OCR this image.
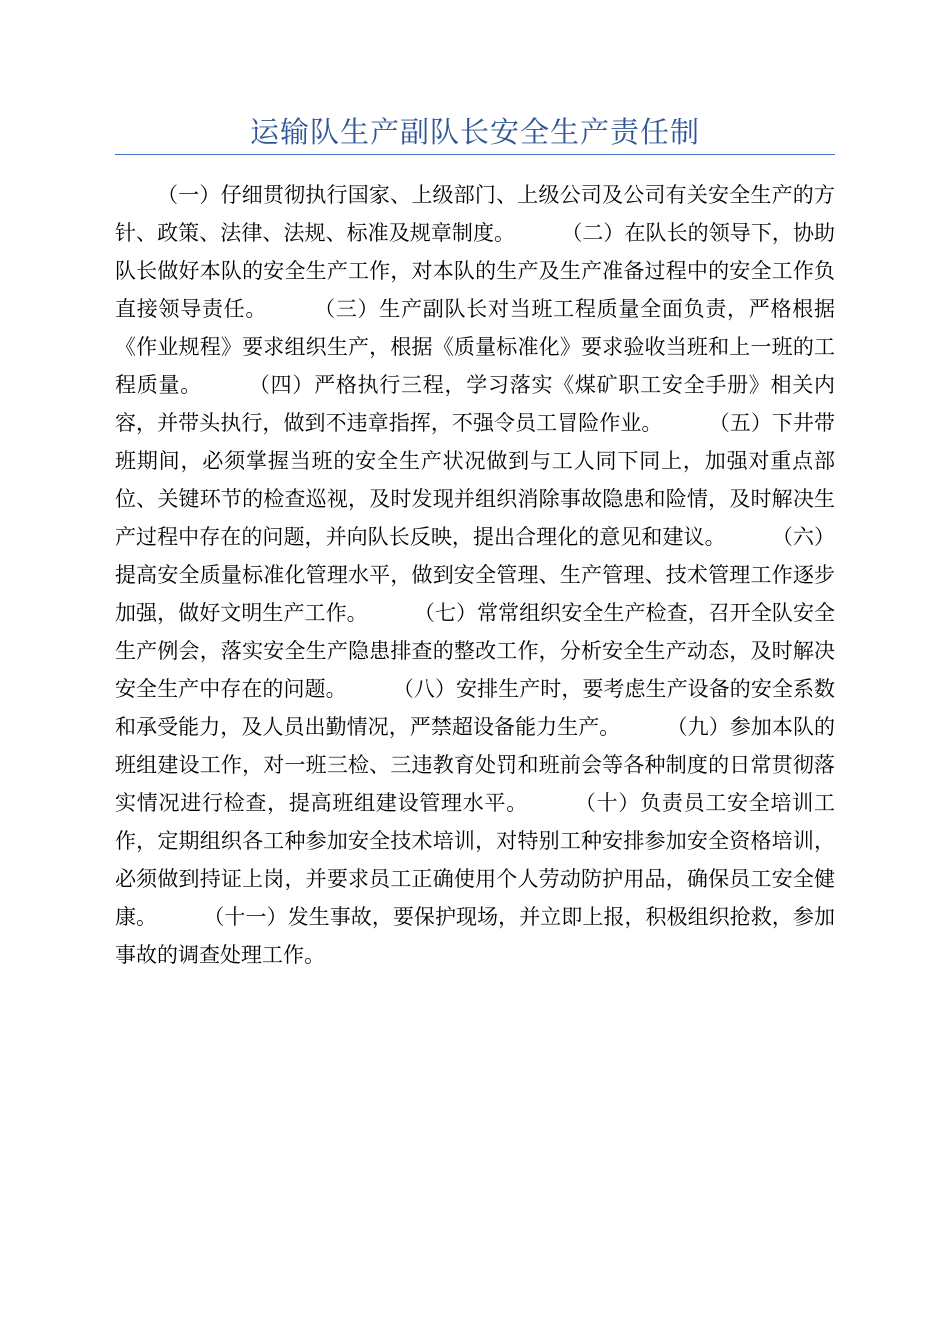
运输队生产副队长安全生产责任制

（一）仔细贯彻执行国家、上级部门、上级公司及公司有关安全生产的方针、政策、法律、法规、标准及规章制度。 （二）在队长的领导下，协助队长做好本队的安全生产工作，对本队的生产及生产准备过程中的安全工作负直接领导责任。 （三）生产副队长对当班工程质量全面负责，严格根据《作业规程》要求组织生产，根据《质量标准化》要求验收当班和上一班的工程质量。 （四）严格执行三程，学习落实《煤矿职工安全手册》相关内容，并带头执行，做到不违章指挥，不强令员工冒险作业。 （五）下井带班期间，必须掌握当班的安全生产状况做到与工人同下同上，加强对重点部位、关键环节的检查巡视，及时发现并组织消除事故隐患和险情，及时解决生产过程中存在的问题，并向队长反映，提出合理化的意见和建议。 （六）提高安全质量标准化管理水平，做到安全管理、生产管理、技术管理工作逐步加强，做好文明生产工作。 （七）常常组织安全生产检查，召开全队安全生产例会，落实安全生产隐患排查的整改工作，分析安全生产动态，及时解决安全生产中存在的问题。 （八）安排生产时，要考虑生产设备的安全系数和承受能力，及人员出勤情况，严禁超设备能力生产。 （九）参加本队的班组建设工作，对一班三检、三违教育处罚和班前会等各种制度的日常贯彻落实情况进行检查，提高班组建设管理水平。 （十）负责员工安全培训工作，定期组织各工种参加安全技术培训，对特别工种安排参加安全资格培训，必须做到持证上岗，并要求员工正确使用个人劳动防护用品，确保员工安全健康。 （十一）发生事故，要保护现场，并立即上报，积极组织抢救，参加事故的调查处理工作。
